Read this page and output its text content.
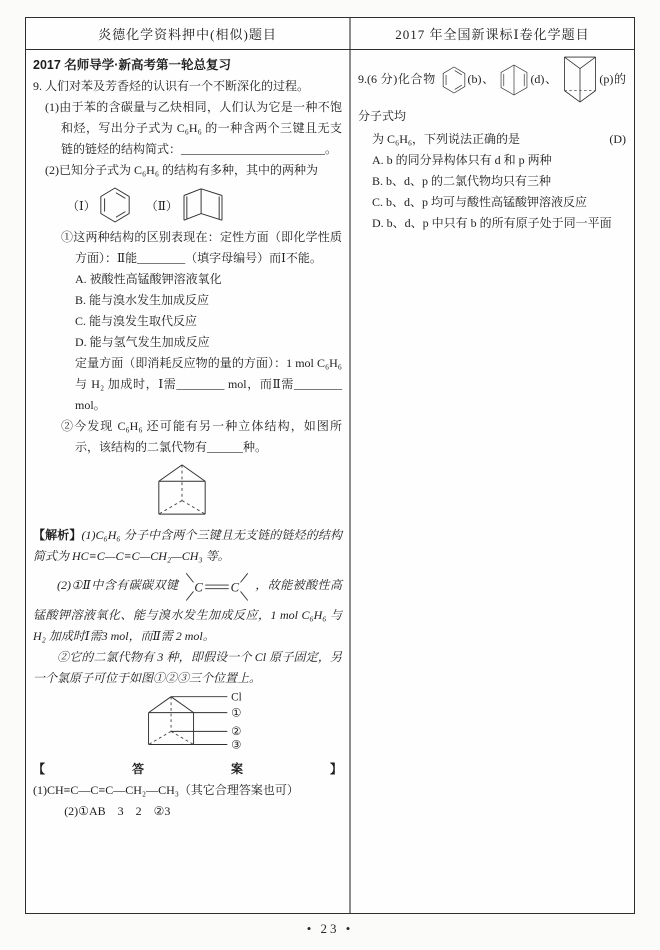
炎德化学资料押中(相似)题目	2017 年全国新课标Ⅰ卷化学题目

2017 名师导学·新高考第一轮总复习

9. 人们对苯及芳香烃的认识有一个不断深化的过程。

(1)由于苯的含碳量与乙炔相同，人们认为它是一种不饱和烃，写出分子式为 C₆H₆ 的一种含两个三键且无支链的链烃的结构简式：________________________。

(2)已知分子式为 C₆H₆ 的结构有多种，其中的两种为

（Ⅰ）	（Ⅱ）

①这两种结构的区别表现在：定性方面（即化学性质方面）：Ⅱ能________（填字母编号）而Ⅰ不能。

A. 被酸性高锰酸钾溶液氧化

B. 能与溴水发生加成反应

C. 能与溴发生取代反应

D. 能与氢气发生加成反应

定量方面（即消耗反应物的量的方面）：1 mol C₆H₆ 与 H₂ 加成时，Ⅰ需________ mol，而Ⅱ需________ mol。

②今发现 C₆H₆ 还可能有另一种立体结构，如图所示，该结构的二氯代物有______种。

【解析】(1)C₆H₆ 分子中含两个三键且无支链的链烃的结构简式为 HC≡C—C≡C—CH₂—CH₃ 等。

(2)①Ⅱ中含有碳碳双键 C C ，故能被酸性高锰酸钾溶液氧化、能与溴水发生加成反应，1 mol C₆H₆ 与 H₂ 加成时Ⅰ需3 mol，而Ⅱ需 2 mol。

②它的二氯代物有 3 种，即假设一个 Cl 原子固定，另一个氯原子可位于如图①②③三个位置上。

Cl
①
②
③

【答案】(1)CH≡C—C≡C—CH₂—CH₃（其它合理答案也可）

(2)①AB　3　2　②3

9.(6 分)化合物	(b)、	(d)、	(p)的分子式均

为 C₆H₆，下列说法正确的是	(D)

A. b 的同分异构体只有 d 和 p 两种

B. b、d、p 的二氯代物均只有三种

C. b、d、p 均可与酸性高锰酸钾溶液反应

D. b、d、p 中只有 b 的所有原子处于同一平面

• 23 •
